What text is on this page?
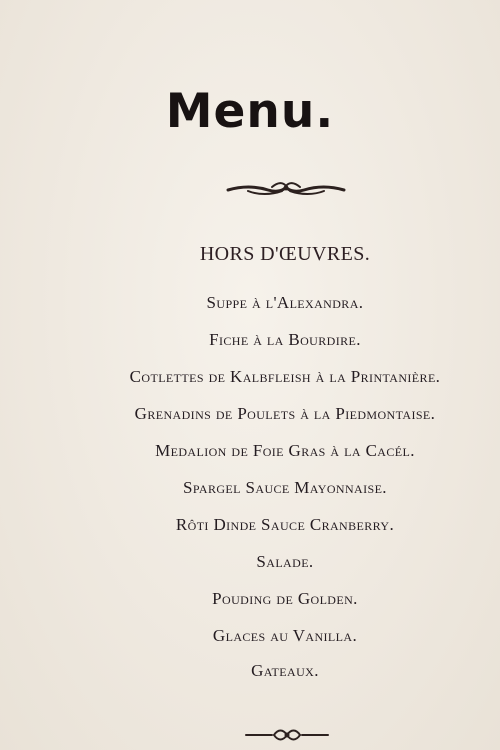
Menu.
HORS D'ŒUVRES.
Suppe à l'Alexandra.
Fiche à la Bourdire.
Cotlettes de Kalbfleish à la Printanière.
Grenadins de Poulets à la Piedmontaise.
Medalion de Foie Gras à la Cacél.
Spargel Sauce Mayonnaise.
Rôti Dinde Sauce Cranberry.
Salade.
Pouding de Golden.
Glaces au Vanilla.
Gateaux.
